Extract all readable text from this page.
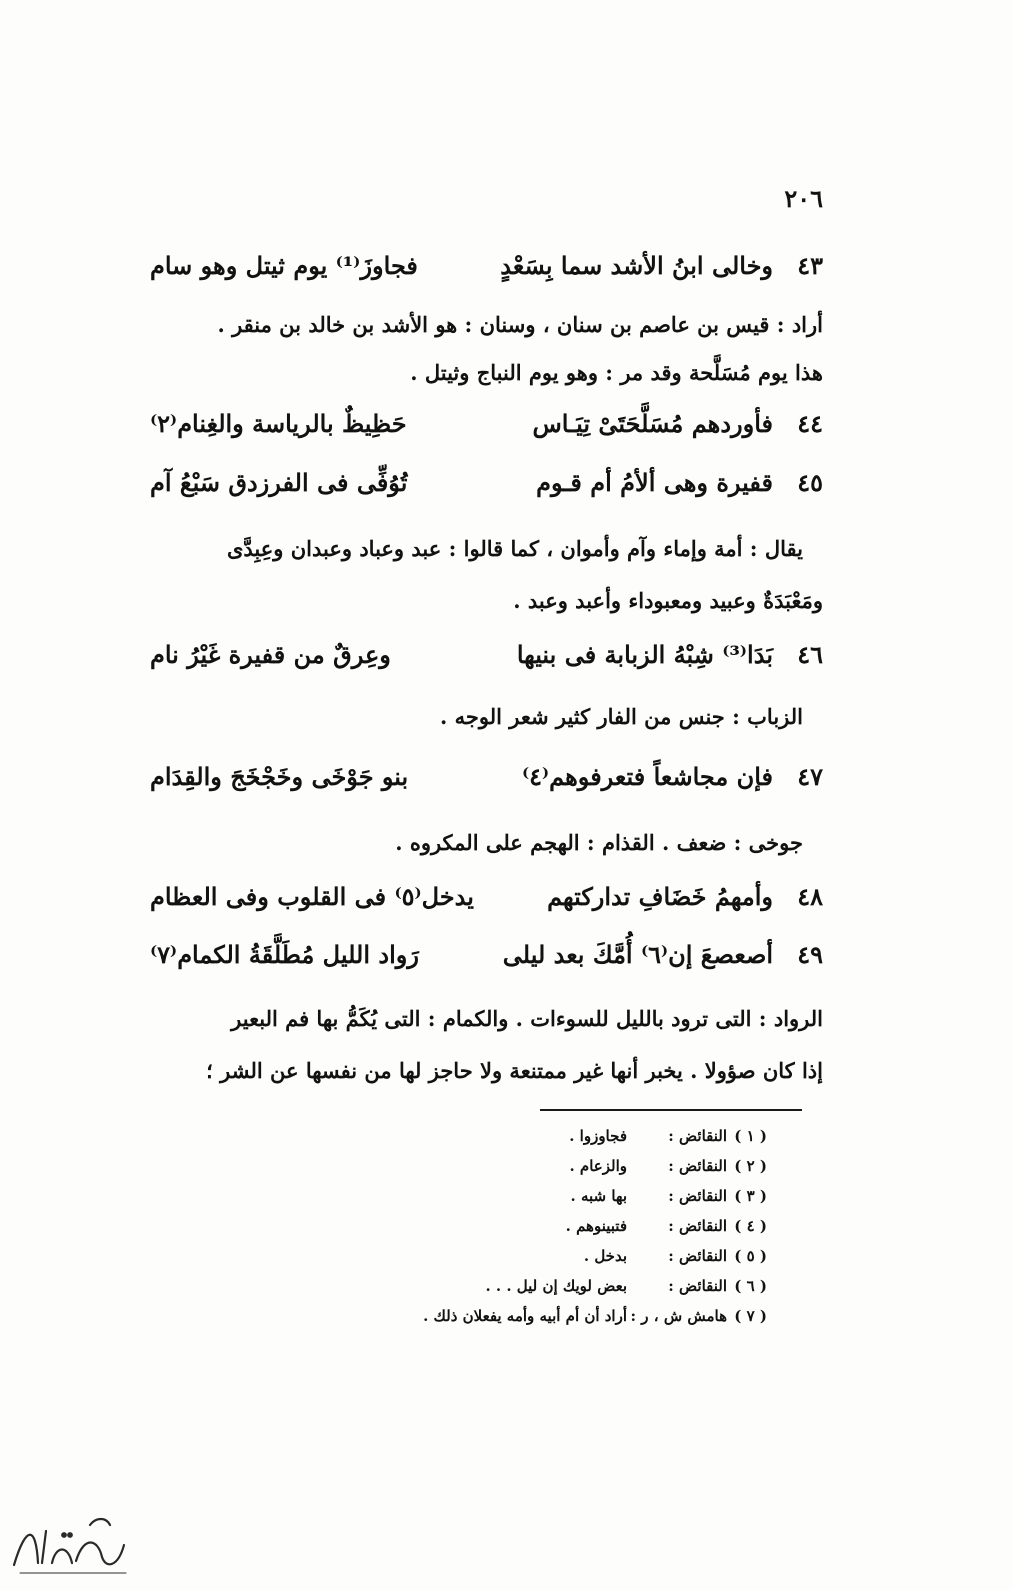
٢٠٦
٤٣
وخالى ابنُ الأشد سما بِسَعْدٍ
فجاوزَ⁽¹⁾ يوم ثيتل وهو سام
أراد : قيس بن عاصم بن سنان ، وسنان : هو الأشد بن خالد بن منقر .
هذا يوم مُسَلَّحة وقد مر : وهو يوم النباج وثيتل .
٤٤
فأوردهم مُسَلَّحَتَىْ تِيَـاس
حَظِيظٌ بالرياسة والغِنام⁽٢⁾
٤٥
قفيرة وهى ألأمُ أم قـوم
تُوُفِّى فى الفرزدق سَبْعُ آم
يقال : أمة وإماء وآم وأموان ، كما قالوا : عبد وعباد وعبدان وعِبِدَّى
ومَعْبَدَةٌ وعبيد ومعبوداء وأعبد وعبد .
٤٦
بَدَا⁽³⁾ شِبْهُ الزبابة فى بنيها
وعِرقٌ من قفيرة غَيْرُ نام
الزباب : جنس من الفار كثير شعر الوجه .
٤٧
فإن مجاشعاً فتعرفوهم⁽٤⁾
بنو جَوْخَى وخَجْخَجَ والقِدَام
جوخى : ضعف . القذام : الهجم على المكروه .
٤٨
وأمهمُ خَضَافِ تداركتهم
يدخل⁽٥⁾ فى القلوب وفى العظام
٤٩
أصعصعَ إن⁽٦⁾ أُمَّكَ بعد ليلى
رَواد الليل مُطَلَّقَةُ الكمام⁽٧⁾
الرواد : التى ترود بالليل للسوءات . والكمام : التى يُكَمُّ بها فم البعير
إذا كان صؤولا . يخبر أنها غير ممتنعة ولا حاجز لها من نفسها عن الشر ؛
( ١ )
النقائض :
فجاوزوا .
( ٢ )
النقائض :
والزعام .
( ٣ )
النقائض :
بها شبه .
( ٤ )
النقائض :
فتبينوهم .
( ٥ )
النقائض :
بدخل .
( ٦ )
النقائض :
بعض لويك إن ليل . . .
( ٧ )
هامش ش ، ر :
أراد أن أم أبيه وأمه يفعلان ذلك .
